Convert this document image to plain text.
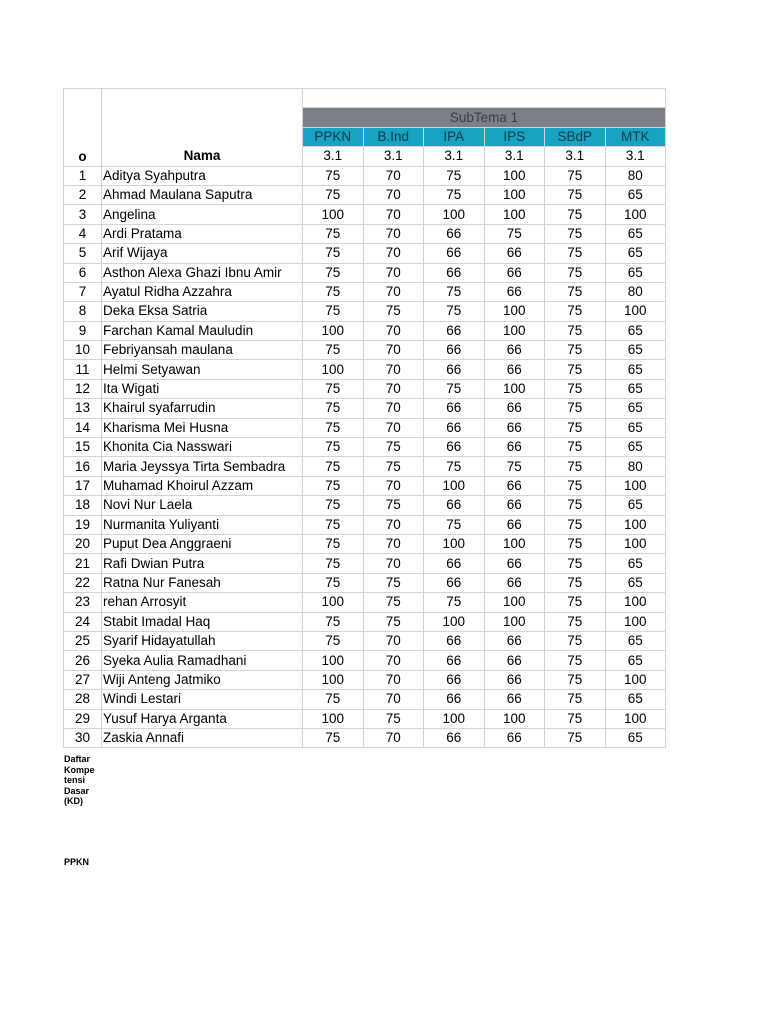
o	Nama						
		SubTema 1					
		PPKN	B.Ind	IPA	IPS	SBdP	MTK
		3.1	3.1	3.1	3.1	3.1	3.1
1	Aditya Syahputra	75	70	75	100	75	80
2	Ahmad Maulana Saputra	75	70	75	100	75	65
3	Angelina	100	70	100	100	75	100
4	Ardi Pratama	75	70	66	75	75	65
5	Arif Wijaya	75	70	66	66	75	65
6	Asthon Alexa Ghazi Ibnu Amir	75	70	66	66	75	65
7	Ayatul Ridha Azzahra	75	70	75	66	75	80
8	Deka Eksa Satria	75	75	75	100	75	100
9	Farchan Kamal Mauludin	100	70	66	100	75	65
10	Febriyansah maulana	75	70	66	66	75	65
11	Helmi Setyawan	100	70	66	66	75	65
12	Ita Wigati	75	70	75	100	75	65
13	Khairul syafarrudin	75	70	66	66	75	65
14	Kharisma Mei Husna	75	70	66	66	75	65
15	Khonita Cia Nasswari	75	75	66	66	75	65
16	Maria Jeyssya Tirta Sembadra	75	75	75	75	75	80
17	Muhamad Khoirul Azzam	75	70	100	66	75	100
18	Novi Nur Laela	75	75	66	66	75	65
19	Nurmanita Yuliyanti	75	70	75	66	75	100
20	Puput Dea Anggraeni	75	70	100	100	75	100
21	Rafi Dwian Putra	75	70	66	66	75	65
22	Ratna Nur Fanesah	75	75	66	66	75	65
23	rehan Arrosyit	100	75	75	100	75	100
24	Stabit Imadal Haq	75	75	100	100	75	100
25	Syarif Hidayatullah	75	70	66	66	75	65
26	Syeka Aulia Ramadhani	100	70	66	66	75	65
27	Wiji Anteng Jatmiko	100	70	66	66	75	100
28	Windi Lestari	75	70	66	66	75	65
29	Yusuf Harya Arganta	100	75	100	100	75	100
30	Zaskia Annafi	75	70	66	66	75	65
Daftar
Kompe
tensi
Dasar
(KD)
PPKN
